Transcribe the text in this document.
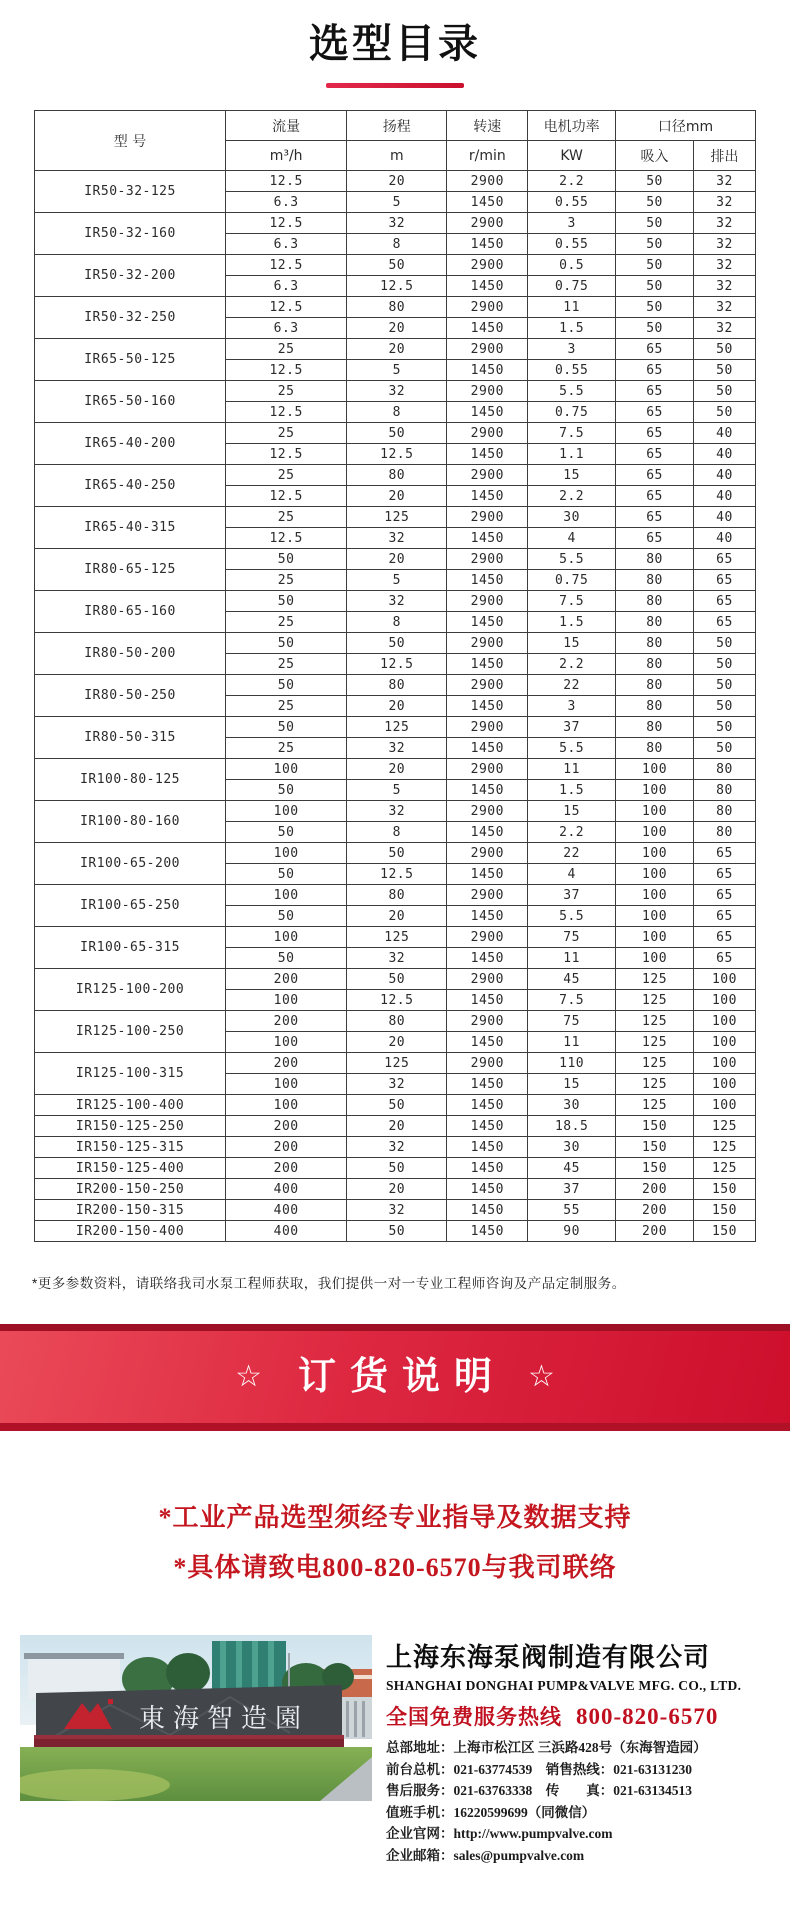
选型目录
型 号	流量	扬程	转速	电机功率	口径mm	
	m³/h	m	r/min	KW	吸入	排出
IR50-32-125	12.5	20	2900	2.2	50	32
	6.3	5	1450	0.55	50	32
IR50-32-160	12.5	32	2900	3	50	32
	6.3	8	1450	0.55	50	32
IR50-32-200	12.5	50	2900	0.5	50	32
	6.3	12.5	1450	0.75	50	32
IR50-32-250	12.5	80	2900	11	50	32
	6.3	20	1450	1.5	50	32
IR65-50-125	25	20	2900	3	65	50
	12.5	5	1450	0.55	65	50
IR65-50-160	25	32	2900	5.5	65	50
	12.5	8	1450	0.75	65	50
IR65-40-200	25	50	2900	7.5	65	40
	12.5	12.5	1450	1.1	65	40
IR65-40-250	25	80	2900	15	65	40
	12.5	20	1450	2.2	65	40
IR65-40-315	25	125	2900	30	65	40
	12.5	32	1450	4	65	40
IR80-65-125	50	20	2900	5.5	80	65
	25	5	1450	0.75	80	65
IR80-65-160	50	32	2900	7.5	80	65
	25	8	1450	1.5	80	65
IR80-50-200	50	50	2900	15	80	50
	25	12.5	1450	2.2	80	50
IR80-50-250	50	80	2900	22	80	50
	25	20	1450	3	80	50
IR80-50-315	50	125	2900	37	80	50
	25	32	1450	5.5	80	50
IR100-80-125	100	20	2900	11	100	80
	50	5	1450	1.5	100	80
IR100-80-160	100	32	2900	15	100	80
	50	8	1450	2.2	100	80
IR100-65-200	100	50	2900	22	100	65
	50	12.5	1450	4	100	65
IR100-65-250	100	80	2900	37	100	65
	50	20	1450	5.5	100	65
IR100-65-315	100	125	2900	75	100	65
	50	32	1450	11	100	65
IR125-100-200	200	50	2900	45	125	100
	100	12.5	1450	7.5	125	100
IR125-100-250	200	80	2900	75	125	100
	100	20	1450	11	125	100
IR125-100-315	200	125	2900	110	125	100
	100	32	1450	15	125	100
IR125-100-400	100	50	1450	30	125	100
IR150-125-250	200	20	1450	18.5	150	125
IR150-125-315	200	32	1450	30	150	125
IR150-125-400	200	50	1450	45	150	125
IR200-150-250	400	20	1450	37	200	150
IR200-150-315	400	32	1450	55	200	150
IR200-150-400	400	50	1450	90	200	150

*更多参数资料，请联络我司水泵工程师获取，我们提供一对一专业工程师咨询及产品定制服务。

☆ 订货说明 ☆

*工业产品选型须经专业指导及数据支持

*具体请致电800-820-6570与我司联络

東海智造園
上海东海泵阀制造有限公司
SHANGHAI DONGHAI PUMP&VALVE MFG. CO., LTD.
全国免费服务热线 800-820-6570

总部地址：上海市松江区 三浜路428号（东海智造园）

前台总机：021-63774539　销售热线：021-63131230

售后服务：021-63763338　传　　真：021-63134513

值班手机：16220599699（同微信）

企业官网：http://www.pumpvalve.com

企业邮箱：sales@pumpvalve.com
